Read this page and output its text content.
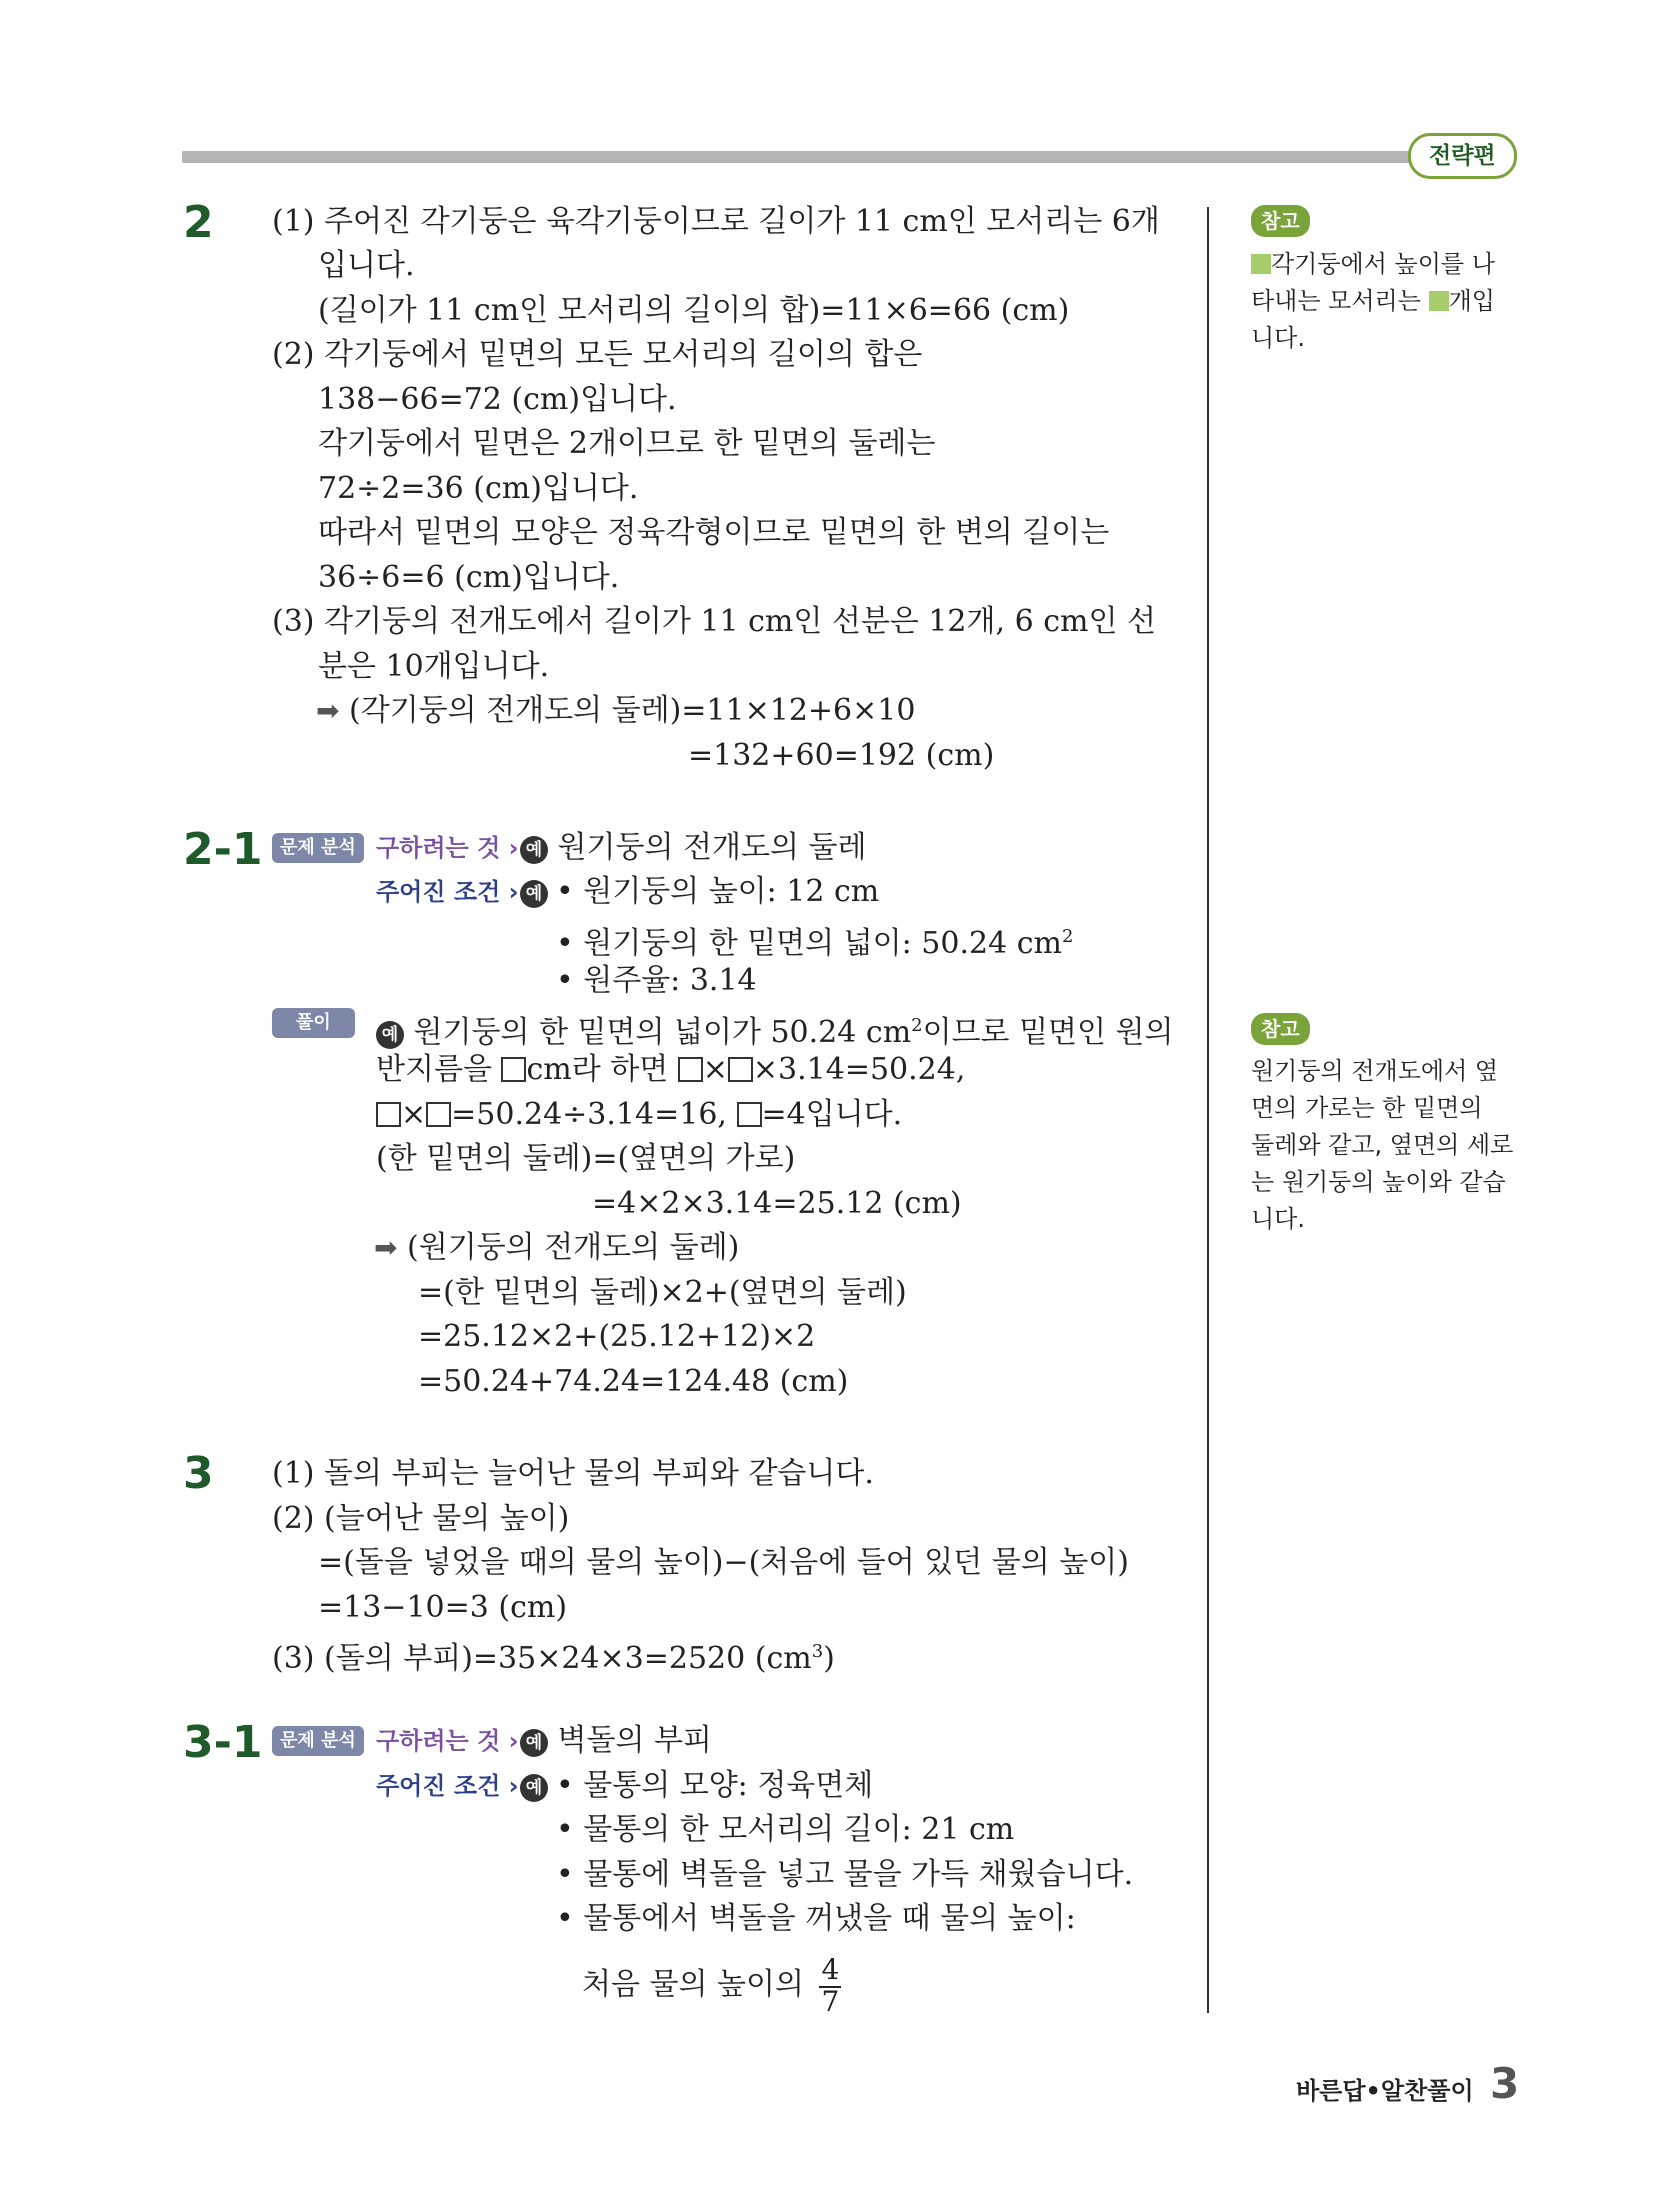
전략편
2 (1) 주어진 각기둥은 육각기둥이므로 길이가 11 cm인 모서리는 6개
입니다.
(길이가 11 cm인 모서리의 길이의 합)=11×6=66 (cm)
(2) 각기둥에서 밑면의 모든 모서리의 길이의 합은
138−66=72 (cm)입니다.
각기둥에서 밑면은 2개이므로 한 밑면의 둘레는
72÷2=36 (cm)입니다.
따라서 밑면의 모양은 정육각형이므로 밑면의 한 변의 길이는
36÷6=6 (cm)입니다.
(3) 각기둥의 전개도에서 길이가 11 cm인 선분은 12개, 6 cm인 선
분은 10개입니다.
➡ (각기둥의 전개도의 둘레)=11×12+6×10
=132+60=192 (cm)
2-1 문제 분석 구하려는 것 › 예 원기둥의 전개도의 둘레
주어진 조건 › 예 • 원기둥의 높이: 12 cm
• 원기둥의 한 밑면의 넓이: 50.24 $cm^2$
• 원주율: 3.14
풀이
예 원기둥의 한 밑면의 넓이가 50.24 $cm^2$이므로 밑면인 원의
반지름을 cm라 하면 × ×3.14=50.24,
× =50.24÷3.14=16, =4입니다.
(한 밑면의 둘레)=(옆면의 가로)
=4×2×3.14=25.12 (cm)
➡ (원기둥의 전개도의 둘레)
=(한 밑면의 둘레)×2+(옆면의 둘레)
=25.12×2+(25.12+12)×2
=50.24+74.24=124.48 (cm)
3 (1) 돌의 부피는 늘어난 물의 부피와 같습니다.
(2) (늘어난 물의 높이)
=(돌을 넣었을 때의 물의 높이)−(처음에 들어 있던 물의 높이)
=13−10=3 (cm)
(3) (돌의 부피)=35×24×3=2520 $(cm^3)$
3-1 문제 분석 구하려는 것 › 예 벽돌의 부피
주어진 조건 › 예 • 물통의 모양: 정육면체
• 물통의 한 모서리의 길이: 21 cm
• 물통에 벽돌을 넣고 물을 가득 채웠습니다.
• 물통에서 벽돌을 꺼냈을 때 물의 높이:
처음 물의 높이의 $\frac{4}{7}$
참고
각기둥에서 높이를 나
타내는 모서리는 개입
니다.
참고
원기둥의 전개도에서 옆
면의 가로는 한 밑면의
둘레와 같고, 옆면의 세로
는 원기둥의 높이와 같습
니다.
바른답•알찬풀이 3
